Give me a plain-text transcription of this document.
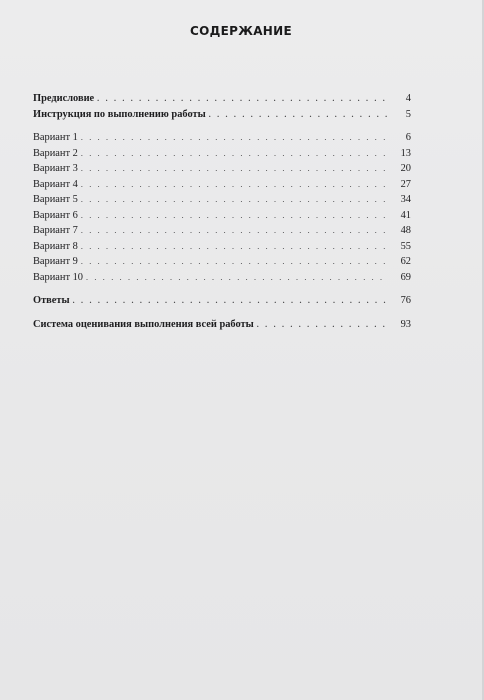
СОДЕРЖАНИЕ
Предисловие . . .	4
Инструкция по выполнению работы . . .	5
Вариант 1 . . .	6
Вариант 2 . . .	13
Вариант 3 . . .	20
Вариант 4 . . .	27
Вариант 5 . . .	34
Вариант 6 . . .	41
Вариант 7 . . .	48
Вариант 8 . . .	55
Вариант 9 . . .	62
Вариант 10 . . .	69
Ответы . . .	76
Система оценивания выполнения всей работы . . .	93
